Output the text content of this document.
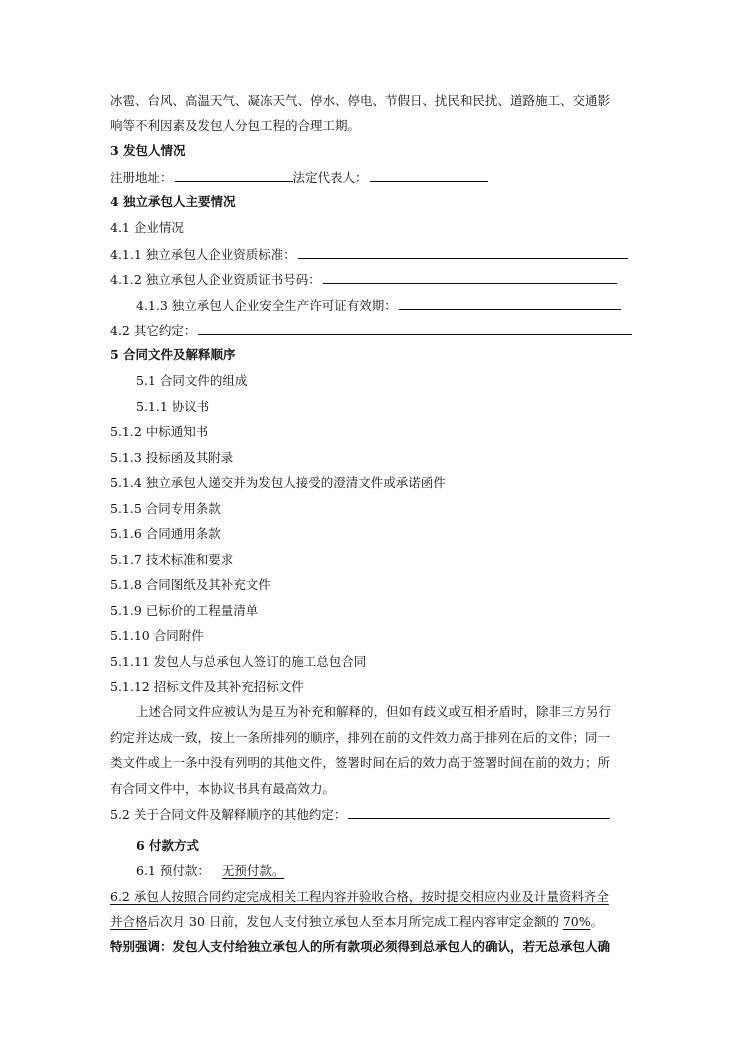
冰雹、台风、高温天气、凝冻天气、停水、停电、节假日、扰民和民扰、道路施工、交通影
响等不利因素及发包人分包工程的合理工期。
3 发包人情况
注册地址：	法定代表人：
4 独立承包人主要情况
4.1 企业情况
4.1.1 独立承包人企业资质标准：
4.1.2 独立承包人企业资质证书号码：
4.1.3 独立承包人企业安全生产许可证有效期：
4.2 其它约定：
5 合同文件及解释顺序
5.1 合同文件的组成
5.1.1 协议书
5.1.2 中标通知书
5.1.3 投标函及其附录
5.1.4 独立承包人递交并为发包人接受的澄清文件或承诺函件
5.1.5 合同专用条款
5.1.6 合同通用条款
5.1.7 技术标准和要求
5.1.8 合同图纸及其补充文件
5.1.9 已标价的工程量清单
5.1.10 合同附件
5.1.11 发包人与总承包人签订的施工总包合同
5.1.12 招标文件及其补充招标文件
上述合同文件应被认为是互为补充和解释的，但如有歧义或互相矛盾时，除非三方另行
约定并达成一致，按上一条所排列的顺序，排列在前的文件效力高于排列在后的文件；同一
类文件或上一条中没有列明的其他文件，签署时间在后的效力高于签署时间在前的效力；所
有合同文件中，本协议书具有最高效力。
5.2 关于合同文件及解释顺序的其他约定：
6 付款方式
6.1 预付款： 无预付款。
6.2 承包人按照合同约定完成相关工程内容并验收合格，按时提交相应内业及计量资料齐全
并合格后次月 30 日前，发包人支付独立承包人至本月所完成工程内容审定金额的 70%。
特别强调：发包人支付给独立承包人的所有款项必须得到总承包人的确认，若无总承包人确
